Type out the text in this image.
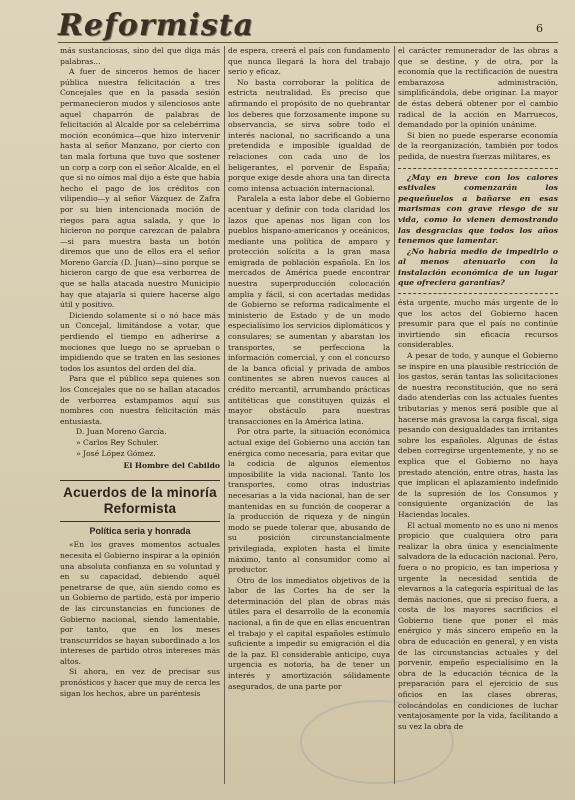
Reformista	6

más sustanciosas, sino del que diga más palabras...

A fuer de sinceros hemos de hacer pública nuestra felicitación a tres Concejales que en la pasada sesión permanecieron mudos y silenciosos ante aquel chaparrón de palabras de felicitación al Alcalde por sa celebérrima moción económica—que hizo intervenir hasta al señor Manzano, por cierto con tan mala fortuna que tuvo que sostener un corp a corp con el señor Alcalde, en el que si no oímos mal dijo a éste que había hecho el pago de los créditos con vilipendio—y al señor Vázquez de Zafra por su bien intencionada moción de riegos para agua salada, y que lo hicieron no porque carezcan de palabra—si para muestra basta un botón diremos que uno de ellos era el señor Moreno García (D. Juan)—sino porque se hicieron cargo de que esa verborrea de que se halla atacada nuestro Municipio hay que atajarla si quiere hacerse algo útil y positivo.

Diciendo solamente sí o nó hace más un Concejal, limitándose a votar, que perdiendo el tiempo en adherirse a mociones que luego no se aprueban o impidiendo que se traten en las sesiones todos los asuntos del orden del día.

Para que el público sepa quienes son los Concejales que no se hallan atacados de verborrea estampamos aquí sus nombres con nuestra felicitación más entusiasta.

D. Juan Moreno García.

» Carlos Rey Schuler.

» José López Gómez.

El Hombre del Cabildo

Acuerdos de la minoría Reformista
Política seria y honrada

«En los graves momentos actuales necesita el Gobierno inspirar a la opinión una absoluta confianza en su voluntad y en su capacidad, debiendo aquél penetrarse de que, aún siendo como es un Gobierno de partido, está por imperio de las circunstancias en funciones de Gobierno nacional, siendo lamentable, por tanto, que en los meses transcurridos se hayan subordinado a los intereses de partido otros intereses más altos.

Si ahora, en vez de precisar sus pronósticos y hacer que muy de cerca les sigan los hechos, abre un paréntesis

de espera, creerá el país con fundamento que nunca llegará la hora del trabajo serio y eficaz.

No basta corroborar la política de estricta neutralidad. Es preciso que afirmando el propósito de no quebrantar los deberes que forzosamente impone su observancia, se sirva sobre todo el interés nacional, no sacrificando a una pretendida e imposible igualdad de relaciones con cada uno de los beligerantes, el porvenir de España; porque exige desde ahora una tan directa como intensa actuación internacional.

Paralela a esta labor debe el Gobierno acentuar y definir con toda claridad los lazos que apenas nos ligan con los pueblos hispano-americanos y oceánicos, mediante una política de amparo y protección solícita a la gran masa emigrada de población española. En los mercados de América puede encontrar nuestra superproducción colocación amplia y fácil, si con acertadas medidas de Gobierno se reforma radicalmente el ministerio de Estado y de un modo especialísimo los servicios diplomáticos y consulares; se aumentan y abaratan los transportes, se perfecciona la información comercial, y con el concurso de la banca oficial y privada de ambos continentes se abren nuevos cauces al crédito mercantil, arrumbando prácticas antitéticas que constituyen quizás el mayor obstáculo para nuestras transacciones en la América latina.

Por otra parte, la situación económica actual exige del Gobierno una acción tan enérgica como necesaria, para evitar que la codicia de algunos elementos imposibilite la vida nacional. Tanto los transportes, como otras industrias necesarias a la vida nacional, han de ser mantenidas en su función de cooperar a la producción de riqueza y de ningún modo se puede tolerar que, abusando de su posición circunstancialmente privilegiada, exploten hasta el límite máximo, tanto al consumidor como al productor.

Otro de los inmediatos objetivos de la labor de las Cortes ha de ser la determinación del plan de obras más útiles para el desarrollo de la economía nacional, a fin de que en ellas encuentran el trabajo y el capital españoles estímulo suficiente a impedir su emigración el día de la paz. El considerable anticipo, cuya urgencia es notoria, ha de tener un interés y amortización sólidamente asegurados, de una parte por

el carácter remunerador de las obras a que se destine, y de otra, por la economía que la rectificación de nuestra embarazosa administración, simplificándola, debe originar. La mayor de éstas deberá obtener por el cambio radical de la acción en Marruecos, demandado por la opinión unánime.

Si bien no puede esperarse economía de la reorganización, también por todos pedida, de nuestra fuerzas militares, es

¿May en breve con los calores estivales comenzarán los pequeñuelos a bañarse en esas marismas con grave riesgo de su vida, como lo vienen demostrando las desgracias que todos los años tenemos que lamentar.

¿No habría medio de impedirlo o al menos atenuarlo con la instalación económica de un lugar que ofreciera garantías?

ésta urgente, mucho más urgente de lo que los actos del Gobierno hacen presumir para que el país no continúe invirtiendo sin eficacia recursos considerables.

A pesar de todo, y aunque el Gobierno se inspire en una plausible restricción de los gastos, serán tantas las solicitaciones de nuestra reconstitución, que no será dado atenderlas con las actuales fuentes tributarias y menos será posible que al hacerse más gravosa la carga fiscal, siga pesando con desigualdades tan irritantes sobre los españoles. Algunas de éstas deben corregirse urgentemente, y no se explica que el Gobierno no haya prestado atención, entre otras, hasta las que implican el aplazamiento indefinido de la supresión de los Consumos y consiguiente organización de las Haciendas locales.

El actual momento no es uno ni menos propicio que cualquiera otro para realizar la obra única y esencialmente salvadora de la educación nacional. Pero, fuera o no propicio, es tan imperiosa y urgente la necesidad sentida de elevarnos a la categoría espiritual de las demás naciones, que si preciso fuera, a costa de los mayores sacrificios el Gobierno tiene que poner el más enérgico y más sincero empeño en la obra de educación en general, y en vista de las circunstancias actuales y del porvenir, empeño especialísimo en la obra de la educación técnica de la preparación para el ejercicio de sus oficios en las clases obreras, colocándolas en condiciones de luchar ventajosamente por la vida, facilitando a su vez la obra de
